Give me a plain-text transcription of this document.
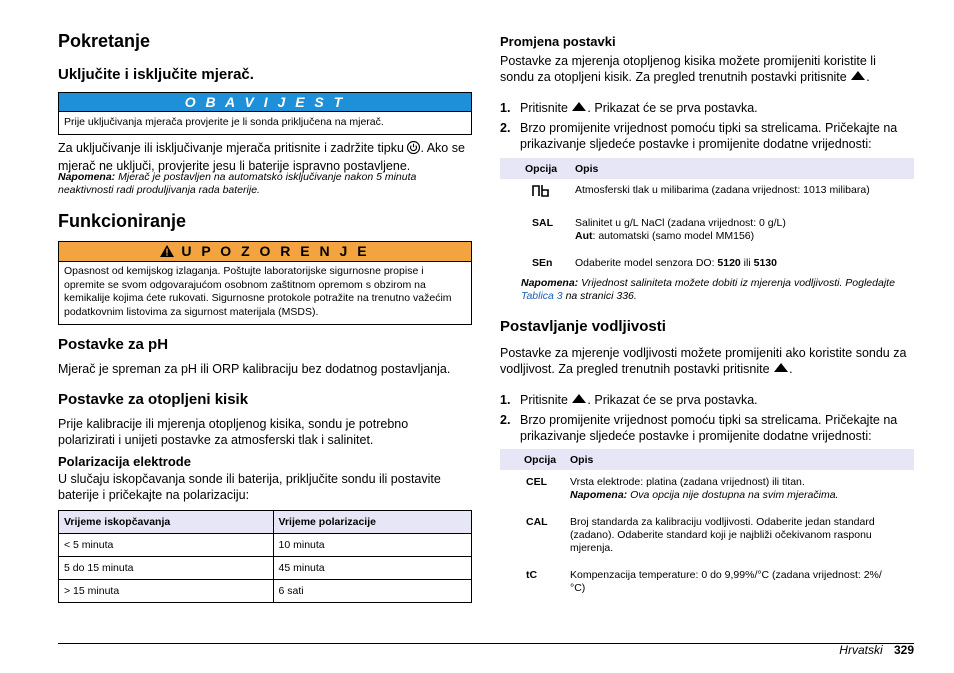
Pokretanje
Uključite i isključite mjerač.
O B A V I J E S T
Prije uključivanja mjerača provjerite je li sonda priključena na mjerač.

Za uključivanje ili isključivanje mjerača pritisnite i zadržite tipku . Ako se mjerač ne uključi, provjerite jesu li baterije ispravno postavljene.

Napomena: Mjerač je postavljen na automatsko isključivanje nakon 5 minuta neaktivnosti radi produljivanja rada baterije.

Funkcioniranje
U P O Z O R E N J E
Opasnost od kemijskog izlaganja. Poštujte laboratorijske sigurnosne propise i opremite se svom odgovarajućom osobnom zaštitnom opremom s obzirom na kemikalije kojima ćete rukovati. Sigurnosne protokole potražite na trenutno važećim podatkovnim listovima za sigurnost materijala (MSDS).
Postavke za pH

Mjerač je spreman za pH ili ORP kalibraciju bez dodatnog postavljanja.

Postavke za otopljeni kisik

Prije kalibracije ili mjerenja otopljenog kisika, sondu je potrebno polarizirati i unijeti postavke za atmosferski tlak i salinitet.

Polarizacija elektrode

U slučaju iskopčavanja sonde ili baterija, priključite sondu ili postavite baterije i pričekajte na polarizaciju:

Vrijeme iskopčavanja	Vrijeme polarizacije
< 5 minuta	10 minuta
5 do 15 minuta	45 minuta
> 15 minuta	6 sati
Promjena postavki

Postavke za mjerenja otopljenog kisika možete promijeniti koristite li sondu za otopljeni kisik. Za pregled trenutnih postavki pritisnite .

1. Pritisnite . Prikazat će se prva postavka.
2. Brzo promijenite vrijednost pomoću tipki sa strelicama. Pričekajte na prikazivanje sljedeće postavke i promijenite dodatne vrijednosti:
Opcija	Opis
	Atmosferski tlak u milibarima (zadana vrijednost: 1013 milibara)
SAL	Salinitet u g/L NaCl (zadana vrijednost: 0 g/L)
Aut: automatski (samo model MM156)
SEn	Odaberite model senzora DO: 5120 ili 5130

Napomena: Vrijednost saliniteta možete dobiti iz mjerenja vodljivosti. Pogledajte Tablica 3 na stranici 336.

Postavljanje vodljivosti

Postavke za mjerenje vodljivosti možete promijeniti ako koristite sondu za vodljivost. Za pregled trenutnih postavki pritisnite .

1. Pritisnite . Prikazat će se prva postavka.
2. Brzo promijenite vrijednost pomoću tipki sa strelicama. Pričekajte na prikazivanje sljedeće postavke i promijenite dodatne vrijednosti:
Opcija	Opis
CEL	Vrsta elektrode: platina (zadana vrijednost) ili titan.
Napomena: Ova opcija nije dostupna na svim mjeračima.
CAL	Broj standarda za kalibraciju vodljivosti. Odaberite jedan standard (zadano). Odaberite standard koji je najbliži očekivanom rasponu mjerenja.
tC	Kompenzacija temperature: 0 do 9,99%/°C (zadana vrijednost: 2%/°C)
Hrvatski 329
